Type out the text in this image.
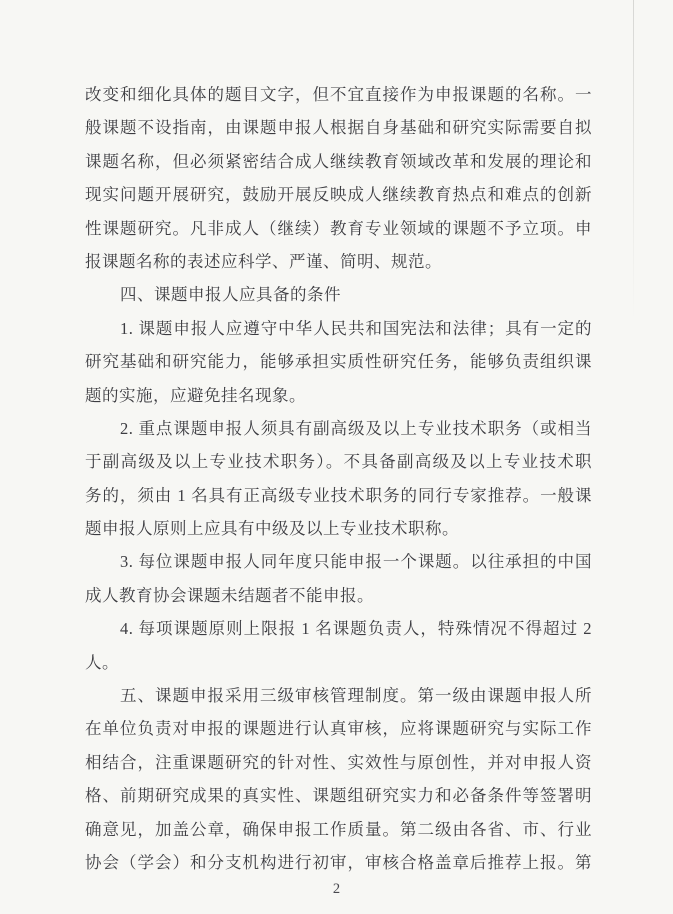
改变和细化具体的题目文字，但不宜直接作为申报课题的名称。一
般课题不设指南，由课题申报人根据自身基础和研究实际需要自拟
课题名称，但必须紧密结合成人继续教育领域改革和发展的理论和
现实问题开展研究，鼓励开展反映成人继续教育热点和难点的创新
性课题研究。凡非成人（继续）教育专业领域的课题不予立项。申
报课题名称的表述应科学、严谨、简明、规范。
四、课题申报人应具备的条件
1. 课题申报人应遵守中华人民共和国宪法和法律；具有一定的
研究基础和研究能力，能够承担实质性研究任务，能够负责组织课
题的实施，应避免挂名现象。
2. 重点课题申报人须具有副高级及以上专业技术职务（或相当
于副高级及以上专业技术职务）。不具备副高级及以上专业技术职
务的，须由 1 名具有正高级专业技术职务的同行专家推荐。一般课
题申报人原则上应具有中级及以上专业技术职称。
3. 每位课题申报人同年度只能申报一个课题。以往承担的中国
成人教育协会课题未结题者不能申报。
4. 每项课题原则上限报 1 名课题负责人，特殊情况不得超过 2
人。
五、课题申报采用三级审核管理制度。第一级由课题申报人所
在单位负责对申报的课题进行认真审核，应将课题研究与实际工作
相结合，注重课题研究的针对性、实效性与原创性，并对申报人资
格、前期研究成果的真实性、课题组研究实力和必备条件等签署明
确意见，加盖公章，确保申报工作质量。第二级由各省、市、行业
协会（学会）和分支机构进行初审，审核合格盖章后推荐上报。第
2
